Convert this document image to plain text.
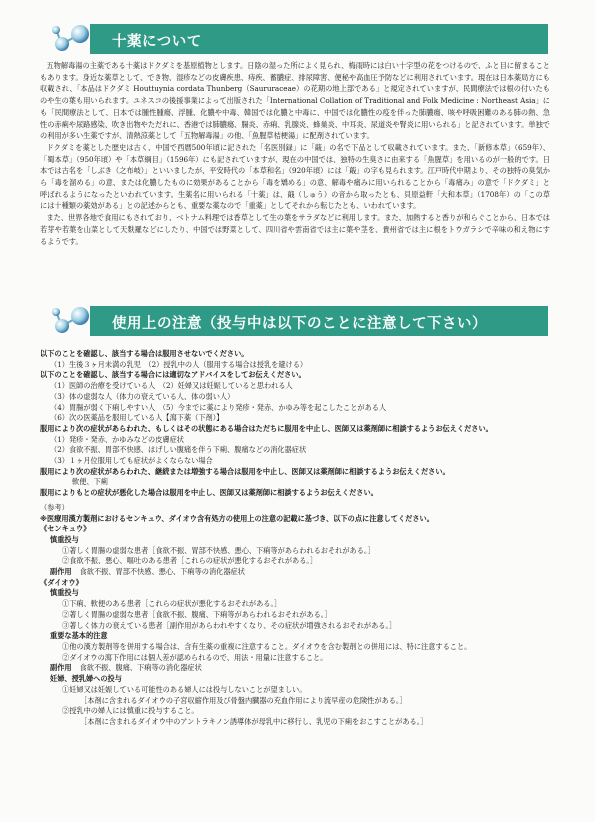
十薬について

五物解毒湯の主薬である十薬はドクダミを基原植物とします。日陰の湿った所によく見られ、梅雨時には白い十字型の花をつけるので、ふと目に留まることもあります。身近な薬草として、でき物、湿疹などの皮膚疾患、痔疾、蓄膿症、排尿障害、便秘や高血圧予防などに利用されています。現在は日本薬局方にも収載され、「本品はドクダミ Houttuynia cordata Thunberg（Saururaceae）の花期の地上部である」と規定されていますが、民間療法では根の付いたものや生の葉も用いられます。ユネスコの後援事業によって出版された「International Collation of Traditional and Folk Medicine : Northeast Asia」にも「民間療法として、日本では腫性腫瘍、浮腫、化膿や中毒、韓国では化膿と中毒に、中国では化膿性の疫を伴った肺膿瘍、咳や呼吸困難のある肺の熱、急性の赤痢や尿路感染、吹き出物やただれに、香港では肺膿瘍、腸炎、赤痢、乳腺炎、蜂巣炎、中耳炎、尿道炎や腎炎に用いられる」と記されています。単独での利用が多い生薬ですが、清熱涼薬として「五物解毒湯」の他、「魚腥草桔梗湯」に配剤されています。

ドクダミを薬とした歴史は古く、中国で西暦500年頃に記された「名医別録」に「蕺」の名で下品として収載されています。また、「新修本草」（659年）、「蜀本草」（950年頃）や「本草綱目」（1596年）にも記されていますが、現在の中国では、独特の生臭さに由来する「魚腥草」を用いるのが一般的です。日本では古名を「しぶき（之布岐）」といいましたが、平安時代の「本草和名」（920年頃）には「蕺」の字も見られます。江戸時代中期より、その独特の臭気から「毒を溜める」の意、または化膿したものに効果があることから「毒を矯める」の意、解毒や痛みに用いられることから「毒痛み」の意で「ドクダミ」と呼ばれるようになったといわれています。生薬名に用いられる「十薬」は、蕺（しゅう）の音から取ったとも、貝原益軒「大和本草」（1708年）の「この草には十種類の薬効がある」との記述からとも、重要な薬なので「重薬」としてそれから転じたとも、いわれています。

また、世界各地で食用にもされており、ベトナム料理では香草として生の葉をサラダなどに利用します。また、加熱すると香りが和らぐことから、日本では若芽や若葉を山菜として天麩羅などにしたり、中国では野菜として、四川省や雲南省では主に葉や茎を、貴州省では主に根をトウガラシで辛味の和え物にするようです。

使用上の注意（投与中は以下のことに注意して下さい）
以下のことを確認し、該当する場合は服用させないでください。
（1）生後３ヶ月未満の乳児　（2）授乳中の人（服用する場合は授乳を避ける）
以下のことを確認し、該当する場合には適切なアドバイスをしてお伝えください。
（1）医師の治療を受けている人　（2）妊婦又は妊娠していると思われる人
（3）体の虚弱な人（体力の衰えている人、体の弱い人）
（4）胃腸が弱く下痢しやすい人　（5）今までに薬により発疹・発赤、かゆみ等を起こしたことがある人
（6）次の医薬品を服用している人【瀉下薬（下剤）】
服用により次の症状があらわれた、もしくはその状態にある場合はただちに服用を中止し、医師又は薬剤師に相談するようお伝えください。
（1）発疹・発赤、かゆみなどの皮膚症状
（2）食欲不振、胃部不快感、はげしい腹痛を伴う下痢、腹痛などの消化器症状
（3）１ヶ月位服用しても症状がよくならない場合
服用により次の症状があらわれた、継続または増強する場合は服用を中止し、医師又は薬剤師に相談するようお伝えください。
軟便、下痢
服用によりもとの症状が悪化した場合は服用を中止し、医師又は薬剤師に相談するようお伝えください。
（参考）
※医療用漢方製剤におけるセンキュウ、ダイオウ含有処方の使用上の注意の記載に基づき、以下の点に注意してください。
《センキュウ》
慎重投与
①著しく胃腸の虚弱な患者［食欲不振、胃部不快感、悪心、下痢等があらわれるおそれがある。］
②食欲不振、悪心、嘔吐のある患者［これらの症状が悪化するおそれがある。］
副作用 食欲不振、胃部不快感、悪心、下痢等の消化器症状
《ダイオウ》
慎重投与
①下痢、軟便のある患者［これらの症状が悪化するおそれがある。］
②著しく胃腸の虚弱な患者［食欲不振、腹痛、下痢等があらわれるおそれがある。］
③著しく体力の衰えている患者［副作用があらわれやすくなり、その症状が増強されるおそれがある。］
重要な基本的注意
①他の漢方製剤等を併用する場合は、含有生薬の重複に注意すること。ダイオウを含む製剤との併用には、特に注意すること。
②ダイオウの瀉下作用には個人差が認められるので、用法・用量に注意すること。
副作用 食欲不振、腹痛、下痢等の消化器症状
妊婦、授乳婦への投与
①妊婦又は妊娠している可能性のある婦人には投与しないことが望ましい。
［本剤に含まれるダイオウの子宮収縮作用及び骨盤内臓器の充血作用により流早産の危険性がある。］
②授乳中の婦人には慎重に投与すること。
［本剤に含まれるダイオウ中のアントラキノン誘導体が母乳中に移行し、乳児の下痢をおこすことがある。］
